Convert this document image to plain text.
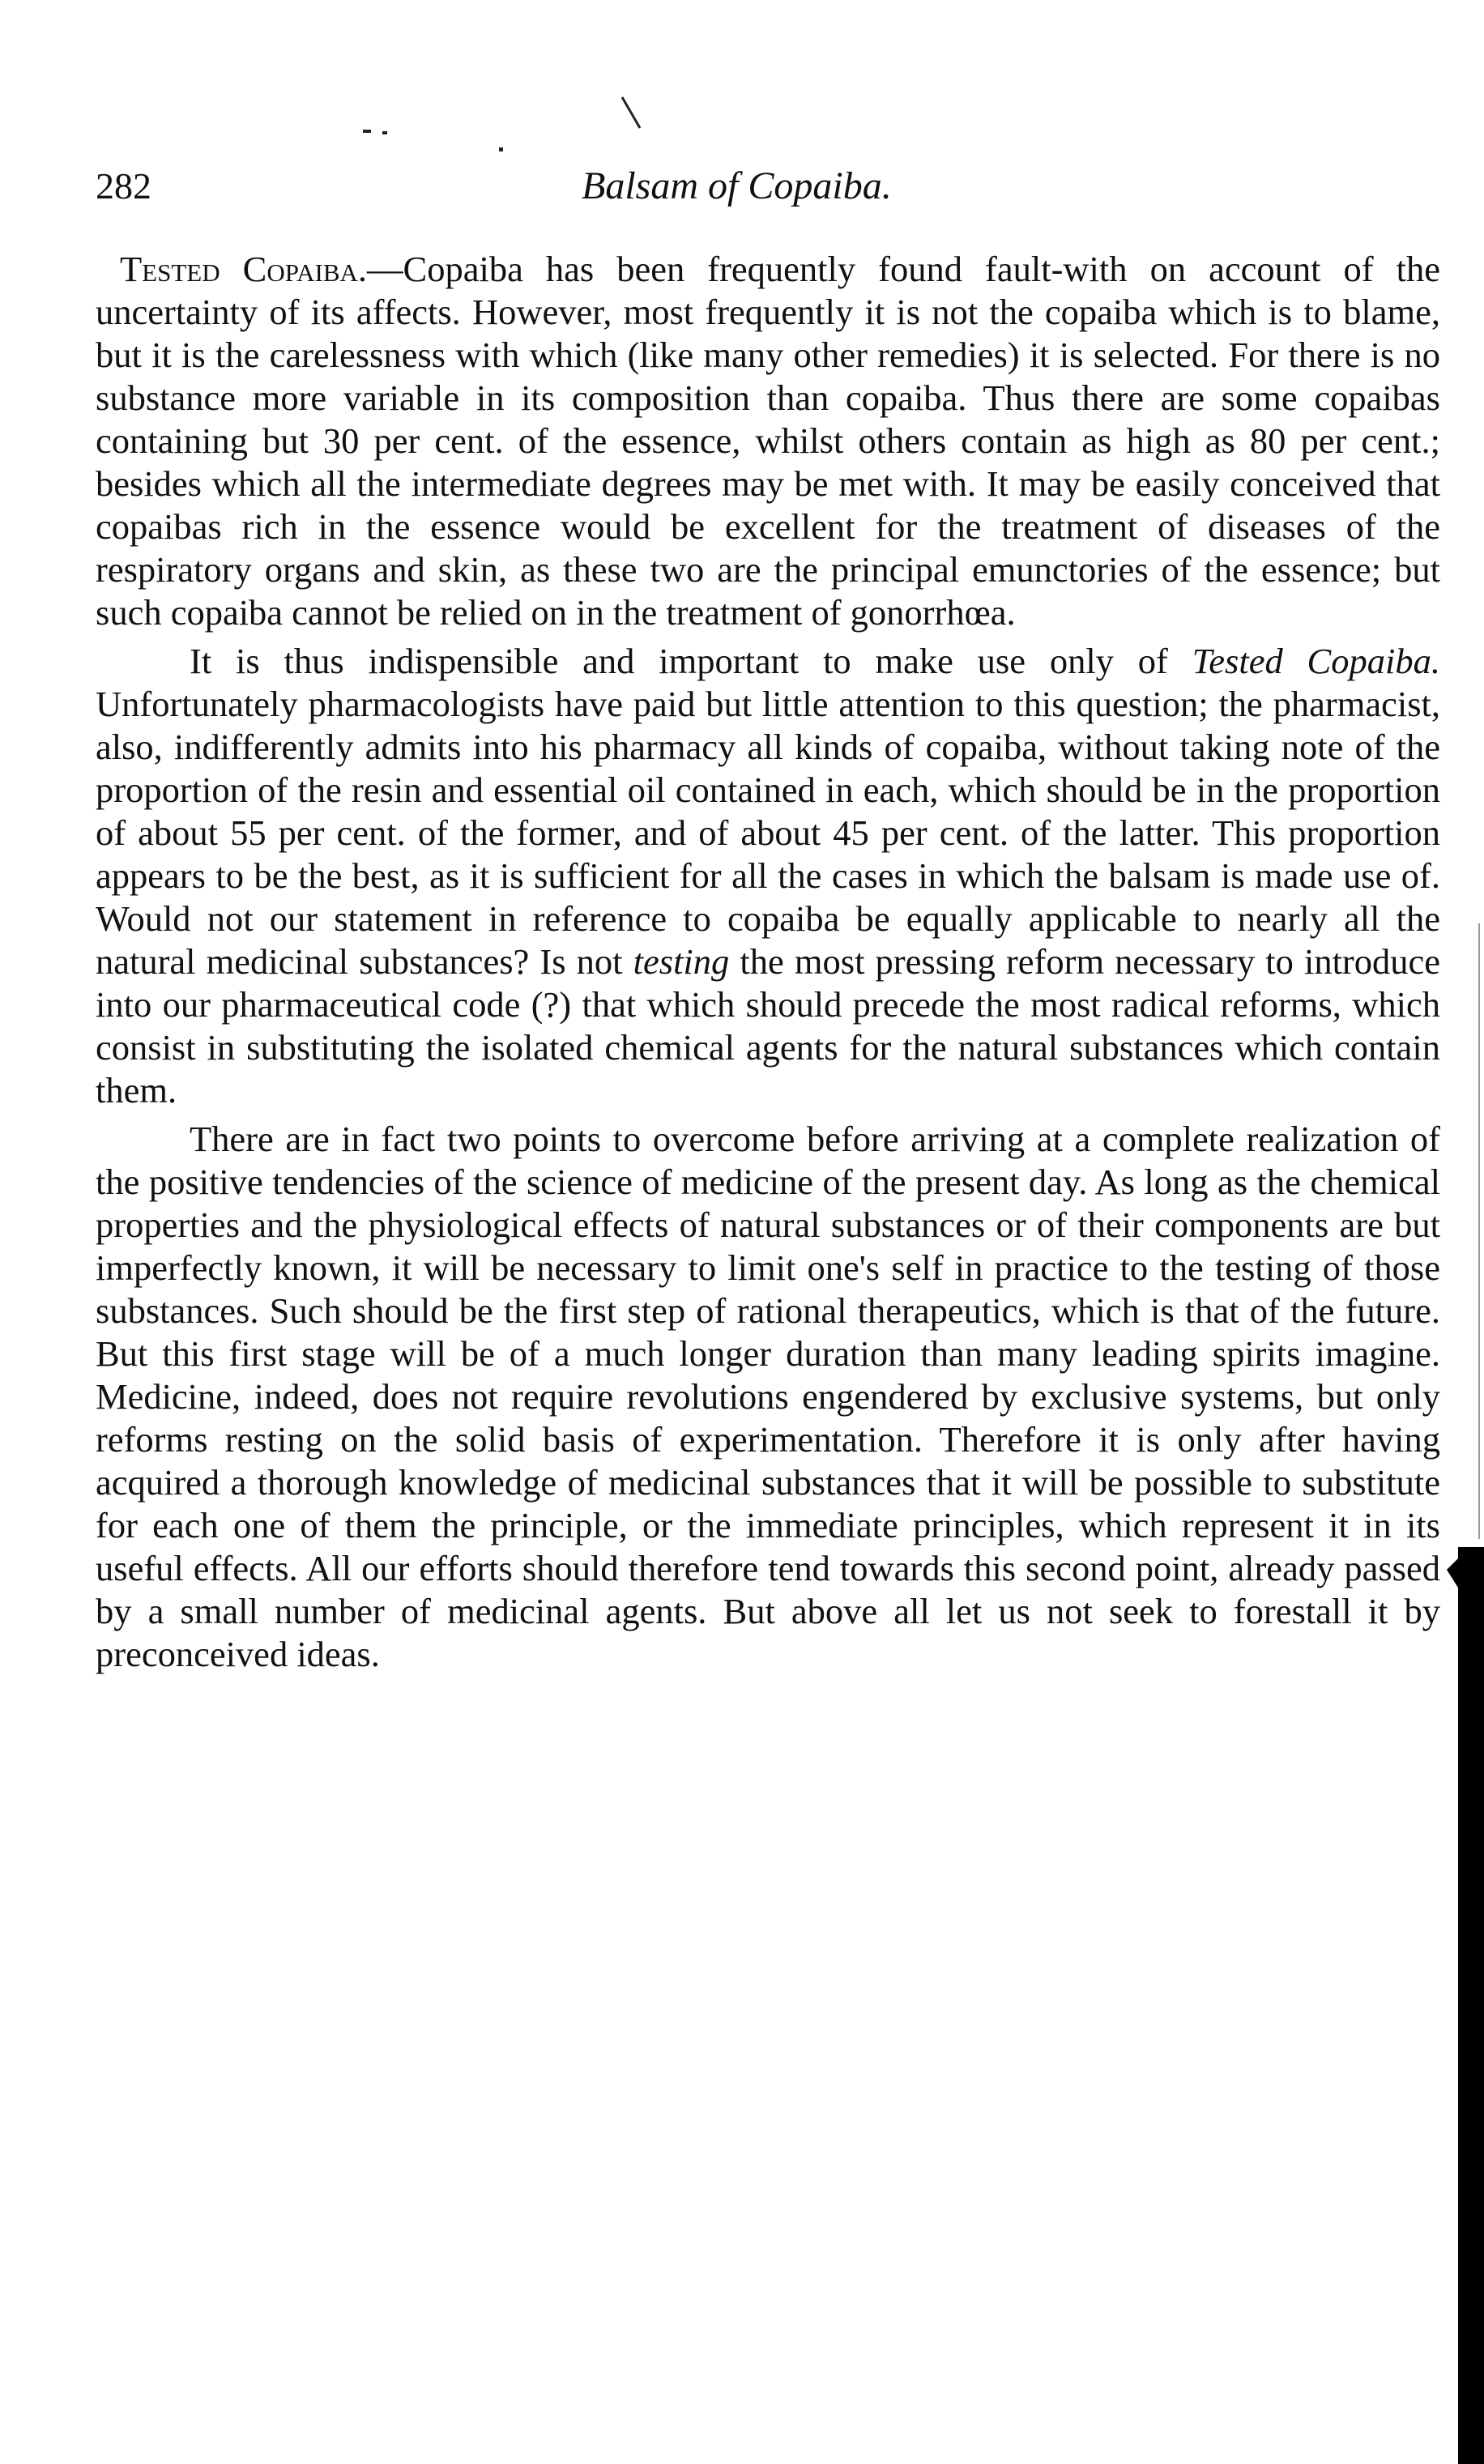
282	Balsam of Copaiba.

Tested Copaiba.—Copaiba has been frequently found fault-with on account of the uncertainty of its affects. However, most frequently it is not the copaiba which is to blame, but it is the carelessness with which (like many other remedies) it is selected. For there is no substance more variable in its composition than copaiba. Thus there are some copaibas containing but 30 per cent. of the essence, whilst others contain as high as 80 per cent.; besides which all the intermediate degrees may be met with. It may be easily conceived that copaibas rich in the essence would be excellent for the treatment of diseases of the respiratory organs and skin, as these two are the principal emunctories of the essence; but such copaiba cannot be relied on in the treatment of gonorrhœa.

It is thus indispensible and important to make use only of Tested Copaiba. Unfortunately pharmacologists have paid but little attention to this question; the pharmacist, also, indifferently admits into his pharmacy all kinds of copaiba, without taking note of the proportion of the resin and essential oil contained in each, which should be in the proportion of about 55 per cent. of the former, and of about 45 per cent. of the latter. This proportion appears to be the best, as it is sufficient for all the cases in which the balsam is made use of. Would not our statement in reference to copaiba be equally applicable to nearly all the natural medicinal substances? Is not testing the most pressing reform necessary to introduce into our pharmaceutical code (?) that which should precede the most radical reforms, which consist in substituting the isolated chemical agents for the natural substances which contain them.

There are in fact two points to overcome before arriving at a complete realization of the positive tendencies of the science of medicine of the present day. As long as the chemical properties and the physiological effects of natural substances or of their components are but imperfectly known, it will be necessary to limit one's self in practice to the testing of those substances. Such should be the first step of rational therapeutics, which is that of the future. But this first stage will be of a much longer duration than many leading spirits imagine. Medicine, indeed, does not require revolutions engendered by exclusive systems, but only reforms resting on the solid basis of experimentation. Therefore it is only after having acquired a thorough knowledge of medicinal substances that it will be possible to substitute for each one of them the principle, or the immediate principles, which represent it in its useful effects. All our efforts should therefore tend towards this second point, already passed by a small number of medicinal agents. But above all let us not seek to forestall it by preconceived ideas.
